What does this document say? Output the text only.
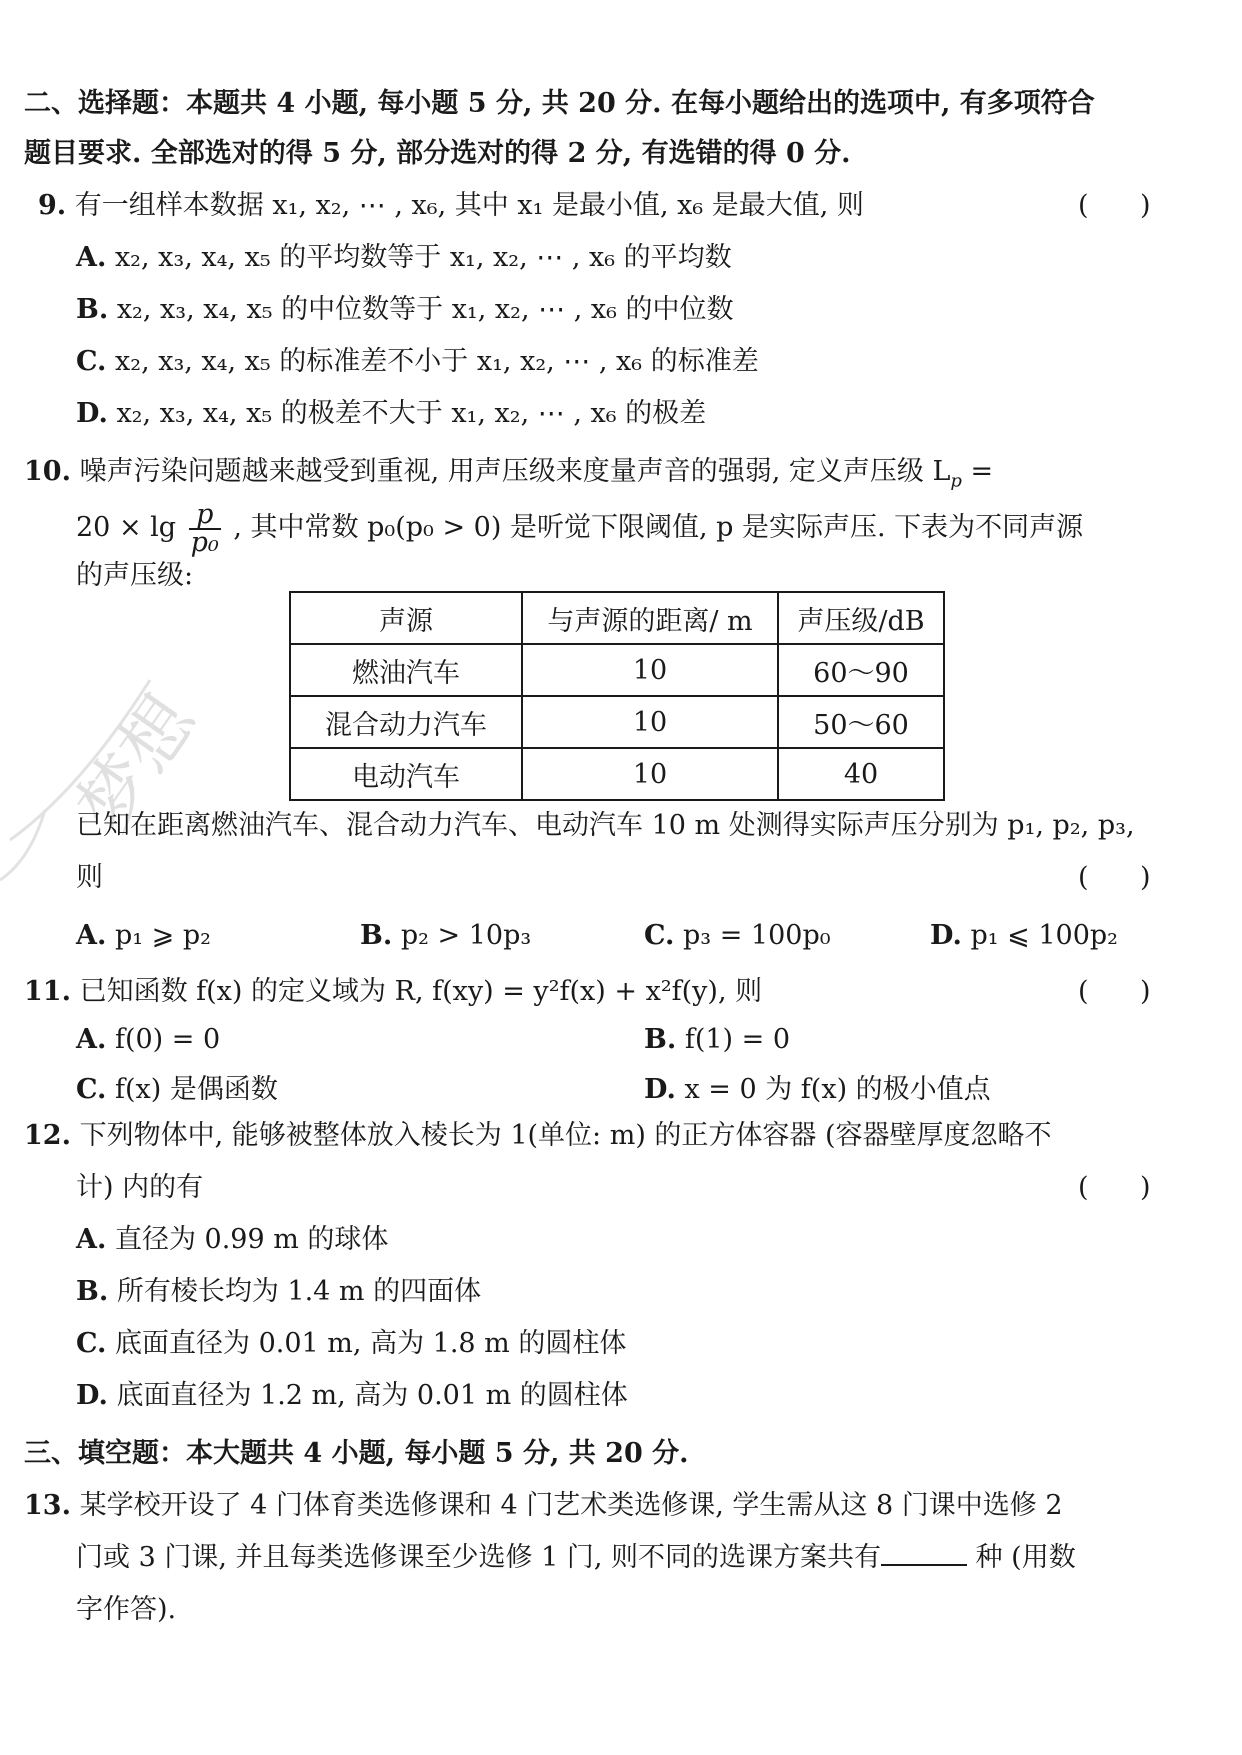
梦想
二、选择题：本题共 4 小题, 每小题 5 分, 共 20 分. 在每小题给出的选项中, 有多项符合
题目要求. 全部选对的得 5 分, 部分选对的得 2 分, 有选错的得 0 分.
9. 有一组样本数据 x₁, x₂, ⋯ , x₆, 其中 x₁ 是最小值, x₆ 是最大值, 则	(      )
A. x₂, x₃, x₄, x₅ 的平均数等于 x₁, x₂, ⋯ , x₆ 的平均数
B. x₂, x₃, x₄, x₅ 的中位数等于 x₁, x₂, ⋯ , x₆ 的中位数
C. x₂, x₃, x₄, x₅ 的标准差不小于 x₁, x₂, ⋯ , x₆ 的标准差
D. x₂, x₃, x₄, x₅ 的极差不大于 x₁, x₂, ⋯ , x₆ 的极差
10. 噪声污染问题越来越受到重视, 用声压级来度量声音的强弱, 定义声压级 $L_p$ =
$20 \times \lg \frac{p}{\text{p₀}}$ , 其中常数 p₀(p₀ > 0) 是听觉下限阈值, p 是实际声压. 下表为不同声源
的声压级:
声源	与声源的距离/ m	声压级/dB
燃油汽车	10	60～90
混合动力汽车	10	50～60
电动汽车	10	40
已知在距离燃油汽车、混合动力汽车、电动汽车 10 m 处测得实际声压分别为 p₁, p₂, p₃,
则	(      )
A. p₁ ⩾ p₂	B. p₂ > 10p₃	C. p₃ = 100p₀	D. p₁ ⩽ 100p₂
11. 已知函数 f(x) 的定义域为 R, f(xy) = y²f(x) + x²f(y), 则	(      )
A. f(0) = 0	B. f(1) = 0
C. f(x) 是偶函数	D. x = 0 为 f(x) 的极小值点
12. 下列物体中, 能够被整体放入棱长为 1(单位: m) 的正方体容器 (容器壁厚度忽略不
计) 内的有	(      )
A. 直径为 0.99 m 的球体
B. 所有棱长均为 1.4 m 的四面体
C. 底面直径为 0.01 m, 高为 1.8 m 的圆柱体
D. 底面直径为 1.2 m, 高为 0.01 m 的圆柱体
三、填空题：本大题共 4 小题, 每小题 5 分, 共 20 分.
13. 某学校开设了 4 门体育类选修课和 4 门艺术类选修课, 学生需从这 8 门课中选修 2
门或 3 门课, 并且每类选修课至少选修 1 门, 则不同的选课方案共有	种 (用数
字作答).
